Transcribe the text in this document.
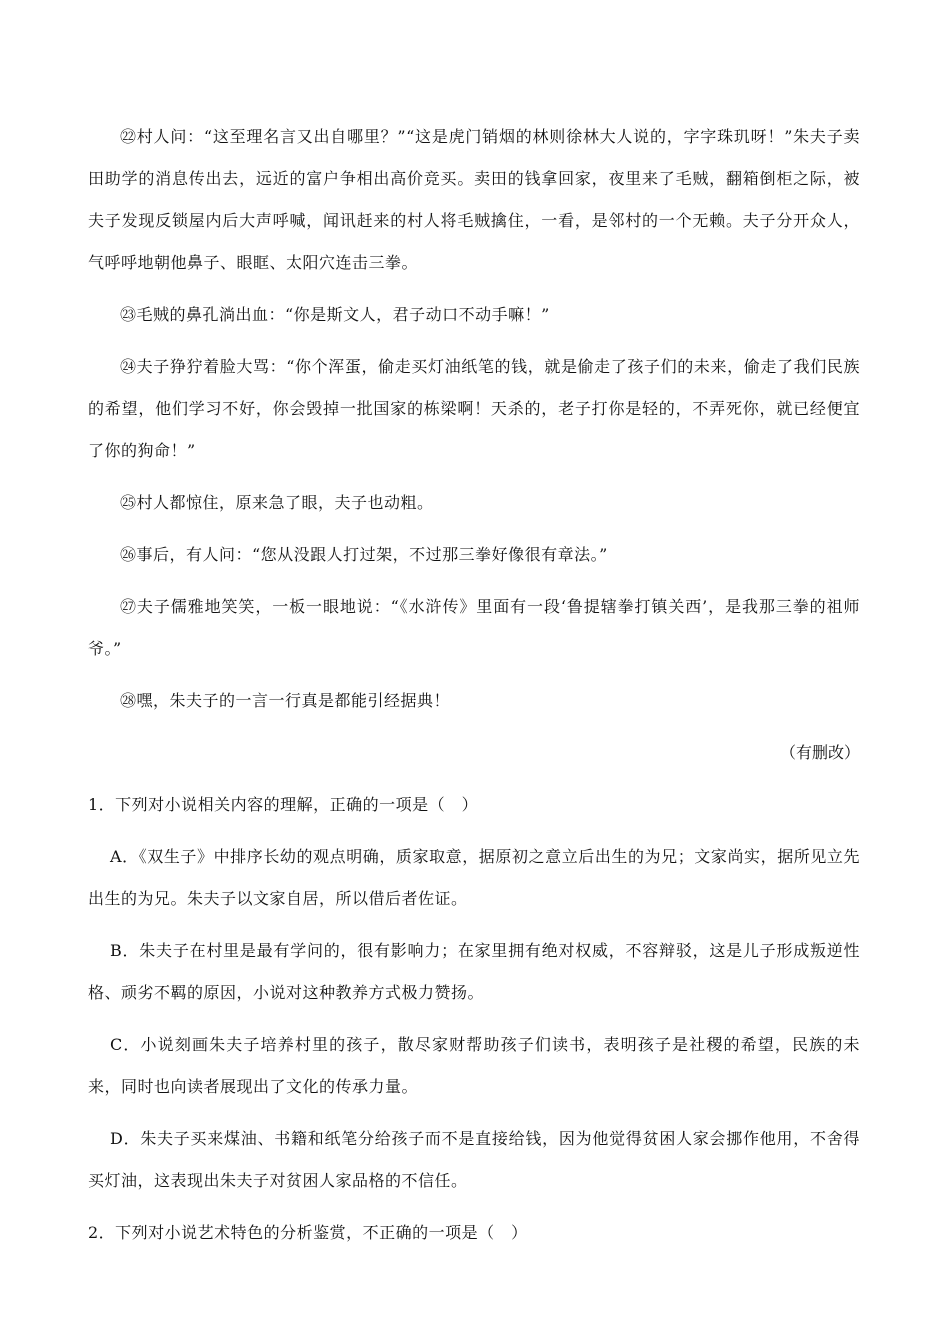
㉒村人问：“这至理名言又出自哪里？”“这是虎门销烟的林则徐林大人说的，字字珠玑呀！”朱夫子卖田助学的消息传出去，远近的富户争相出高价竞买。卖田的钱拿回家，夜里来了毛贼，翻箱倒柜之际，被夫子发现反锁屋内后大声呼喊，闻讯赶来的村人将毛贼擒住，一看，是邻村的一个无赖。夫子分开众人，气呼呼地朝他鼻子、眼眶、太阳穴连击三拳。

㉓毛贼的鼻孔淌出血：“你是斯文人，君子动口不动手嘛！”

㉔夫子狰狞着脸大骂：“你个浑蛋，偷走买灯油纸笔的钱，就是偷走了孩子们的未来，偷走了我们民族的希望，他们学习不好，你会毁掉一批国家的栋梁啊！天杀的，老子打你是轻的，不弄死你，就已经便宜了你的狗命！”

㉕村人都惊住，原来急了眼，夫子也动粗。

㉖事后，有人问：“您从没跟人打过架，不过那三拳好像很有章法。”

㉗夫子儒雅地笑笑，一板一眼地说：“《水浒传》里面有一段‘鲁提辖拳打镇关西’，是我那三拳的祖师爷。”

㉘嘿，朱夫子的一言一行真是都能引经据典！

（有删改）

1．下列对小说相关内容的理解，正确的一项是（　）

A．《双生子》中排序长幼的观点明确，质家取意，据原初之意立后出生的为兄；文家尚实，据所见立先出生的为兄。朱夫子以文家自居，所以借后者佐证。

B．朱夫子在村里是最有学问的，很有影响力；在家里拥有绝对权威，不容辩驳，这是儿子形成叛逆性格、顽劣不羁的原因，小说对这种教养方式极力赞扬。

C．小说刻画朱夫子培养村里的孩子，散尽家财帮助孩子们读书，表明孩子是社稷的希望，民族的未来，同时也向读者展现出了文化的传承力量。

D．朱夫子买来煤油、书籍和纸笔分给孩子而不是直接给钱，因为他觉得贫困人家会挪作他用，不舍得买灯油，这表现出朱夫子对贫困人家品格的不信任。

2．下列对小说艺术特色的分析鉴赏，不正确的一项是（　）
